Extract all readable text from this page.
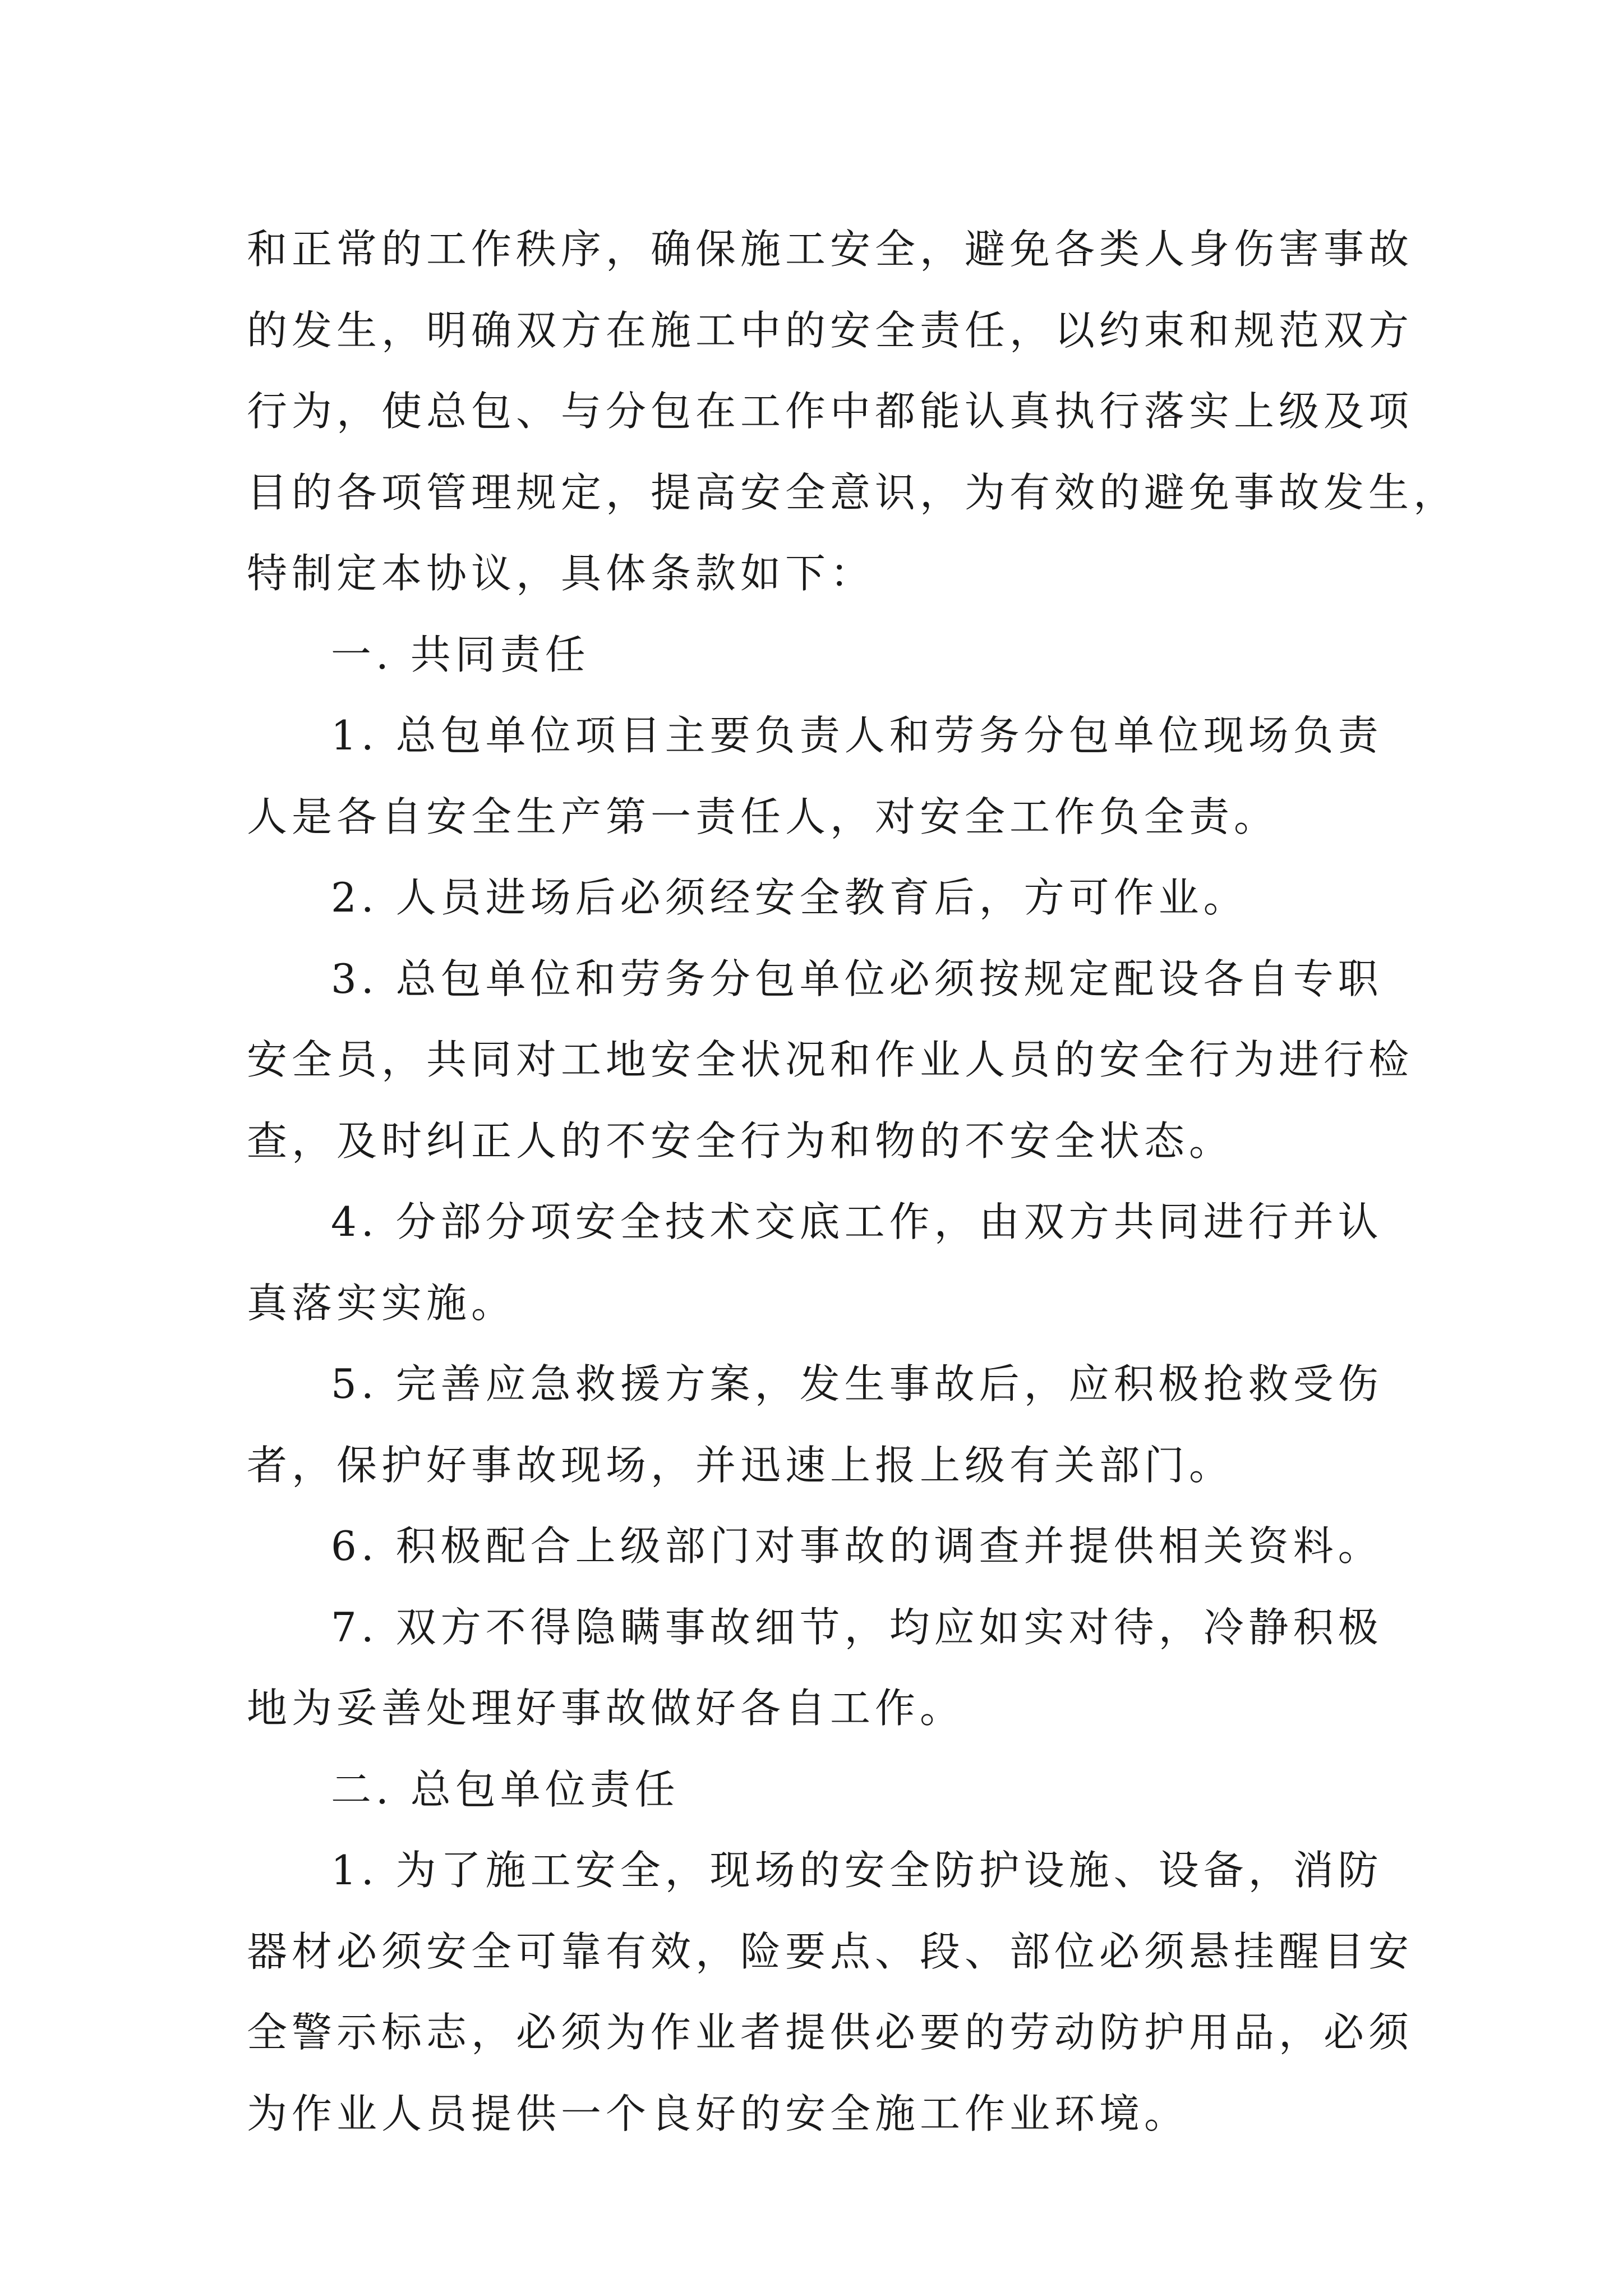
和正常的工作秩序，确保施工安全，避免各类人身伤害事故
的发生，明确双方在施工中的安全责任，以约束和规范双方
行为，使总包、与分包在工作中都能认真执行落实上级及项
目的各项管理规定，提高安全意识，为有效的避免事故发生，
特制定本协议，具体条款如下：
一. 共同责任
1. 总包单位项目主要负责人和劳务分包单位现场负责
人是各自安全生产第一责任人，对安全工作负全责。
2. 人员进场后必须经安全教育后，方可作业。
3. 总包单位和劳务分包单位必须按规定配设各自专职
安全员，共同对工地安全状况和作业人员的安全行为进行检
查，及时纠正人的不安全行为和物的不安全状态。
4. 分部分项安全技术交底工作，由双方共同进行并认
真落实实施。
5. 完善应急救援方案，发生事故后，应积极抢救受伤
者，保护好事故现场，并迅速上报上级有关部门。
6. 积极配合上级部门对事故的调查并提供相关资料。
7. 双方不得隐瞒事故细节，均应如实对待，冷静积极
地为妥善处理好事故做好各自工作。
二. 总包单位责任
1. 为了施工安全，现场的安全防护设施、设备，消防
器材必须安全可靠有效，险要点、段、部位必须悬挂醒目安
全警示标志，必须为作业者提供必要的劳动防护用品，必须
为作业人员提供一个良好的安全施工作业环境。
